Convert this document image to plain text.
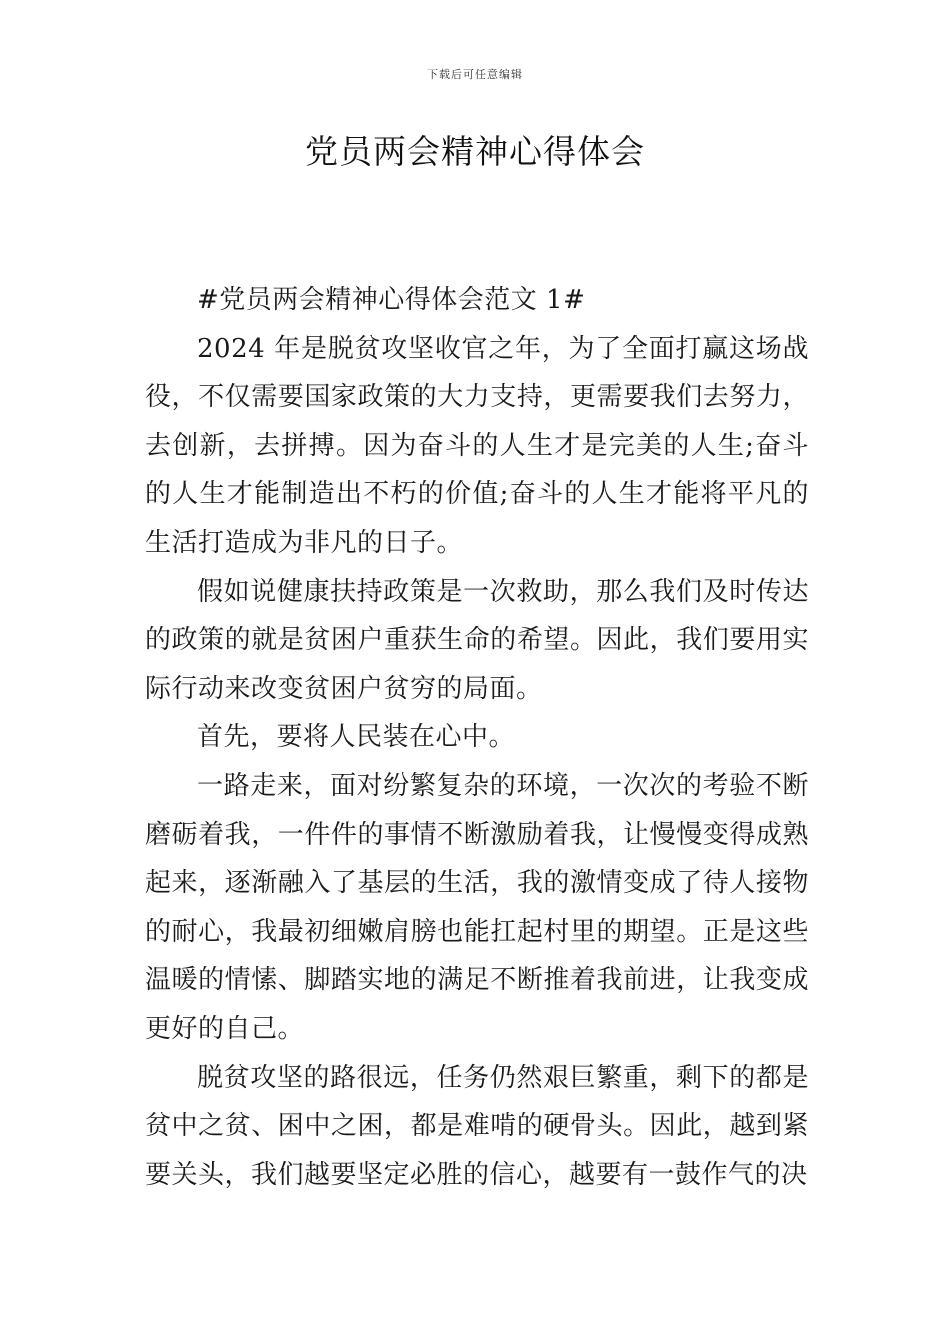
下载后可任意编辑
党员两会精神心得体会

#党员两会精神心得体会范文 1#

2024 年是脱贫攻坚收官之年，为了全面打赢这场战役，不仅需要国家政策的大力支持，更需要我们去努力，去创新，去拼搏。因为奋斗的人生才是完美的人生;奋斗的人生才能制造出不朽的价值;奋斗的人生才能将平凡的生活打造成为非凡的日子。

假如说健康扶持政策是一次救助，那么我们及时传达的政策的就是贫困户重获生命的希望。因此，我们要用实际行动来改变贫困户贫穷的局面。

首先，要将人民装在心中。

一路走来，面对纷繁复杂的环境，一次次的考验不断磨砺着我，一件件的事情不断激励着我，让慢慢变得成熟起来，逐渐融入了基层的生活，我的激情变成了待人接物的耐心，我最初细嫩肩膀也能扛起村里的期望。正是这些温暖的情愫、脚踏实地的满足不断推着我前进，让我变成更好的自己。

脱贫攻坚的路很远，任务仍然艰巨繁重，剩下的都是贫中之贫、困中之困，都是难啃的硬骨头。因此，越到紧要关头，我们越要坚定必胜的信心，越要有一鼓作气的决
